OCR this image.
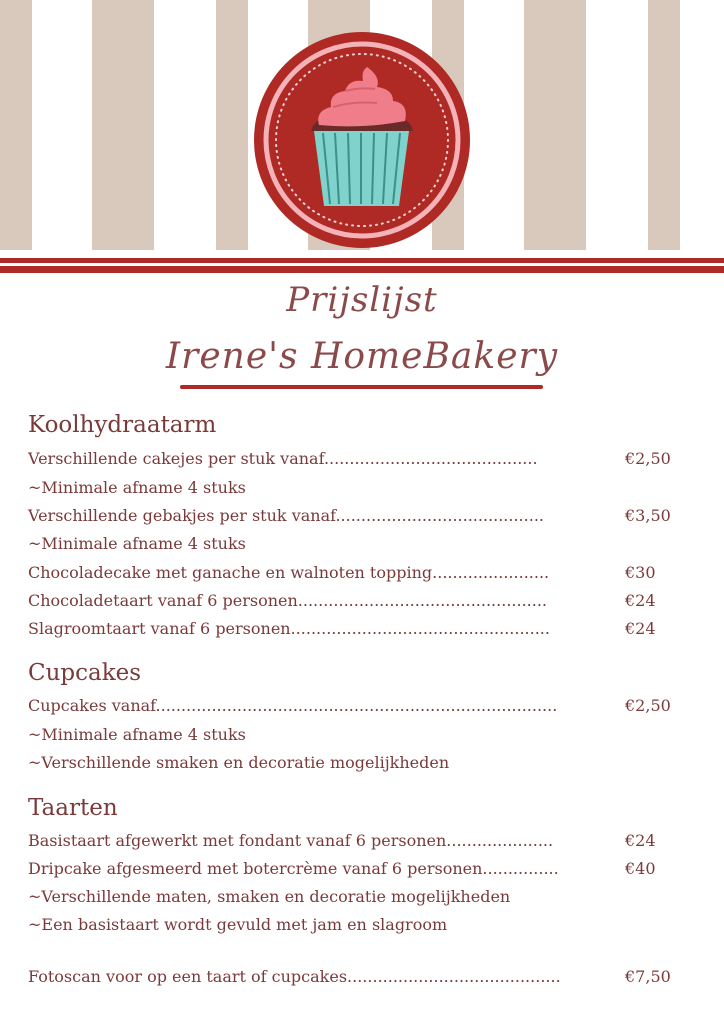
Prijslijst
Irene's HomeBakery
Koolhydraatarm
Verschillende cakejes per stuk vanaf..........................................	€2,50
~Minimale afname 4 stuks
Verschillende gebakjes per stuk vanaf.........................................	€3,50
~Minimale afname 4 stuks
Chocoladecake met ganache en walnoten topping.......................	€30
Chocoladetaart vanaf 6 personen.................................................	€24
Slagroomtaart vanaf 6 personen...................................................	€24
Cupcakes
Cupcakes vanaf...............................................................................	€2,50
~Minimale afname 4 stuks
~Verschillende smaken en decoratie mogelijkheden
Taarten
Basistaart afgewerkt met fondant vanaf 6 personen.....................	€24
Dripcake afgesmeerd met botercrème vanaf 6 personen...............	€40
~Verschillende maten, smaken en decoratie mogelijkheden
~Een basistaart wordt gevuld met jam en slagroom
Fotoscan voor op een taart of cupcakes..........................................	€7,50
